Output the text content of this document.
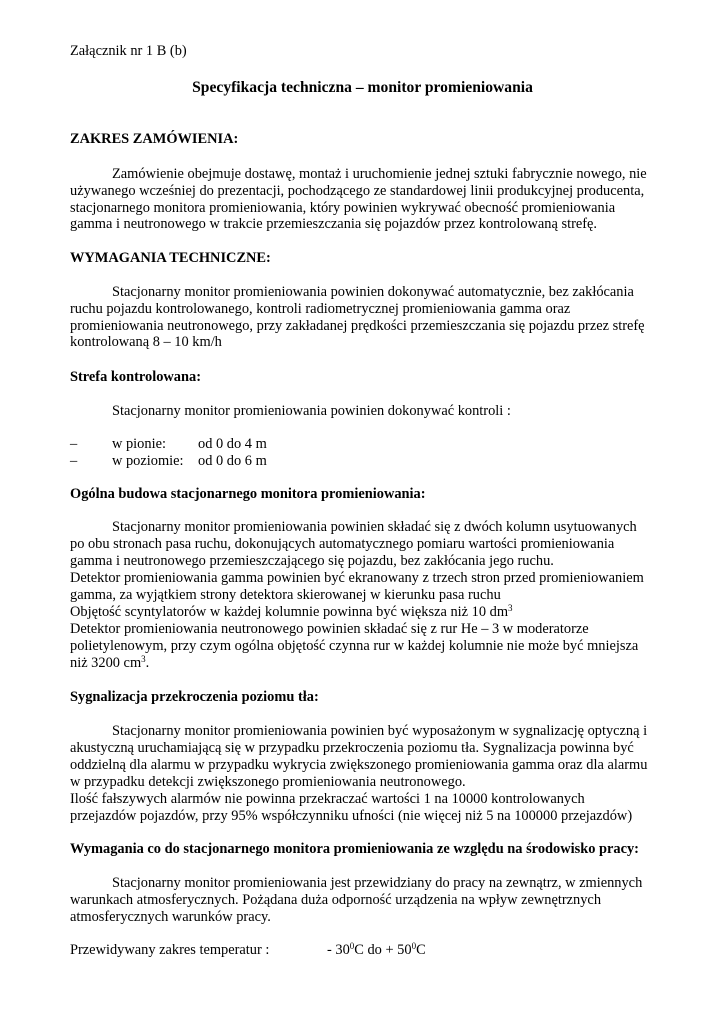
Załącznik nr 1 B (b)
Specyfikacja techniczna – monitor promieniowania
ZAKRES ZAMÓWIENIA:
Zamówienie obejmuje dostawę, montaż i uruchomienie jednej sztuki fabrycznie nowego, nie
używanego wcześniej do prezentacji, pochodzącego ze standardowej linii produkcyjnej producenta,
stacjonarnego monitora promieniowania, który powinien wykrywać obecność promieniowania
gamma i neutronowego w trakcie przemieszczania się pojazdów przez kontrolowaną strefę.
WYMAGANIA TECHNICZNE:
Stacjonarny monitor promieniowania powinien dokonywać automatycznie, bez zakłócania
ruchu pojazdu kontrolowanego, kontroli radiometrycznej promieniowania gamma oraz
promieniowania neutronowego, przy zakładanej prędkości przemieszczania się pojazdu przez strefę
kontrolowaną 8 – 10 km/h
Strefa kontrolowana:
Stacjonarny monitor promieniowania powinien dokonywać kontroli :
– w pionie: od 0 do 4 m
– w poziomie: od 0 do 6 m
Ogólna budowa stacjonarnego monitora promieniowania:
Stacjonarny monitor promieniowania powinien składać się z dwóch kolumn usytuowanych
po obu stronach pasa ruchu, dokonujących automatycznego pomiaru wartości promieniowania
gamma i neutronowego przemieszczającego się pojazdu, bez zakłócania jego ruchu.
Detektor promieniowania gamma powinien być ekranowany z trzech stron przed promieniowaniem
gamma, za wyjątkiem strony detektora skierowanej w kierunku pasa ruchu
Objętość scyntylatorów w każdej kolumnie powinna być większa niż 10 $dm^3$
Detektor promieniowania neutronowego powinien składać się z rur He – 3 w moderatorze
polietylenowym, przy czym ogólna objętość czynna rur w każdej kolumnie nie może być mniejsza
niż 3200 $cm^3$.
Sygnalizacja przekroczenia poziomu tła:
Stacjonarny monitor promieniowania powinien być wyposażonym w sygnalizację optyczną i
akustyczną uruchamiającą się w przypadku przekroczenia poziomu tła. Sygnalizacja powinna być
oddzielną dla alarmu w przypadku wykrycia zwiększonego promieniowania gamma oraz dla alarmu
w przypadku detekcji zwiększonego promieniowania neutronowego.
Ilość fałszywych alarmów nie powinna przekraczać wartości 1 na 10000 kontrolowanych
przejazdów pojazdów, przy 95% współczynniku ufności (nie więcej niż 5 na 100000 przejazdów)
Wymagania co do stacjonarnego monitora promieniowania ze względu na środowisko pracy:
Stacjonarny monitor promieniowania jest przewidziany do pracy na zewnątrz, w zmiennych
warunkach atmosferycznych. Pożądana duża odporność urządzenia na wpływ zewnętrznych
atmosferycznych warunków pracy.
Przewidywany zakres temperatur :	- $30^0C$ do + $50^0C$
